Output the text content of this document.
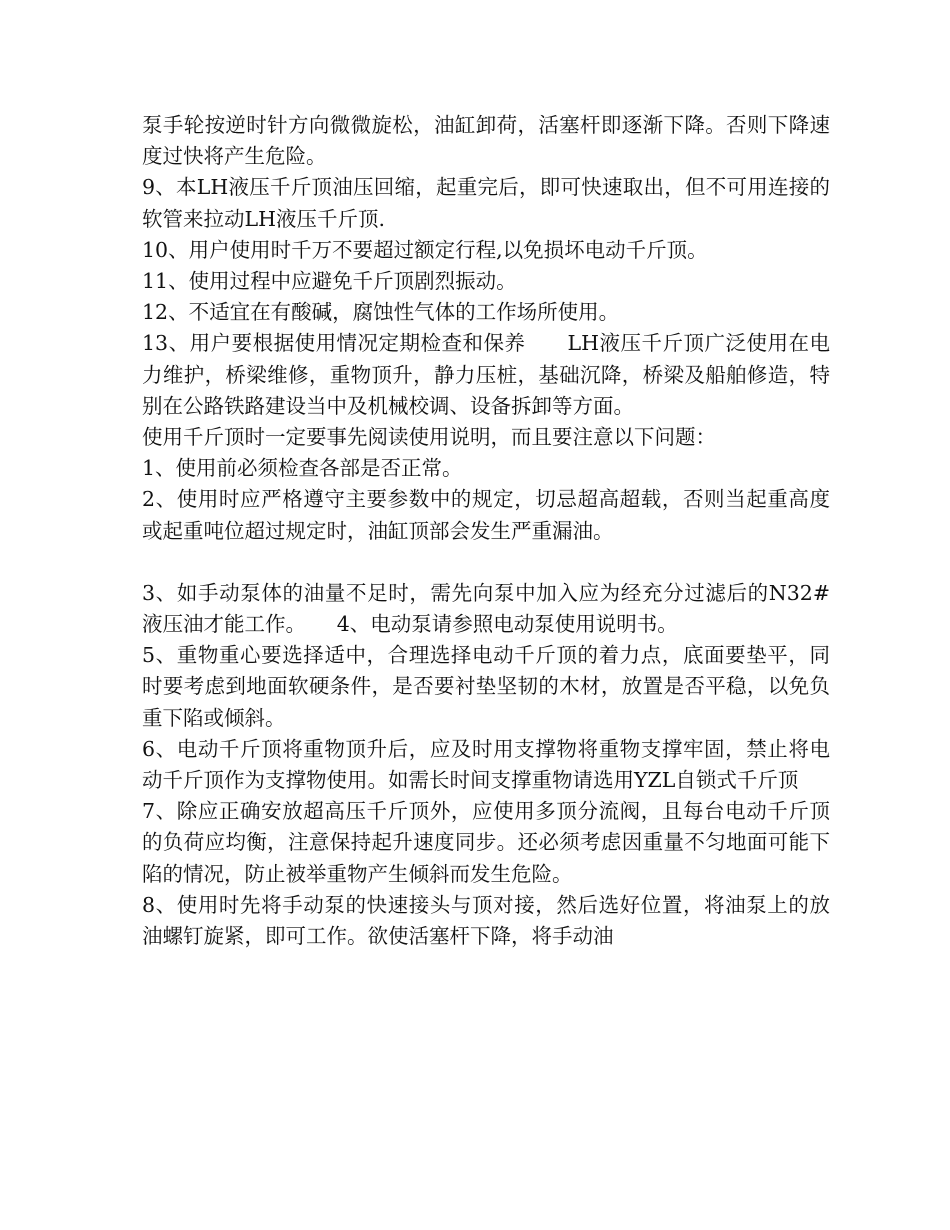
泵手轮按逆时针方向微微旋松，油缸卸荷，活塞杆即逐渐下降。否则下降速度过快将产生危险。

9、本LH液压千斤顶油压回缩，起重完后，即可快速取出，但不可用连接的软管来拉动LH液压千斤顶.

10、用户使用时千万不要超过额定行程,以免损坏电动千斤顶。

11、使用过程中应避免千斤顶剧烈振动。

12、不适宜在有酸碱，腐蚀性气体的工作场所使用。

13、用户要根据使用情况定期检查和保养　　LH液压千斤顶广泛使用在电力维护，桥梁维修，重物顶升，静力压桩，基础沉降，桥梁及船舶修造，特别在公路铁路建设当中及机械校调、设备拆卸等方面。

使用千斤顶时一定要事先阅读使用说明，而且要注意以下问题：

1、使用前必须检查各部是否正常。

2、使用时应严格遵守主要参数中的规定，切忌超高超载，否则当起重高度或起重吨位超过规定时，油缸顶部会发生严重漏油。

3、如手动泵体的油量不足时，需先向泵中加入应为经充分过滤后的N32#液压油才能工作。　　4、电动泵请参照电动泵使用说明书。

5、重物重心要选择适中，合理选择电动千斤顶的着力点，底面要垫平，同时要考虑到地面软硬条件，是否要衬垫坚韧的木材，放置是否平稳，以免负重下陷或倾斜。

6、电动千斤顶将重物顶升后，应及时用支撑物将重物支撑牢固，禁止将电动千斤顶作为支撑物使用。如需长时间支撑重物请选用YZL自锁式千斤顶

7、除应正确安放超高压千斤顶外，应使用多顶分流阀，且每台电动千斤顶的负荷应均衡，注意保持起升速度同步。还必须考虑因重量不匀地面可能下陷的情况，防止被举重物产生倾斜而发生危险。

8、使用时先将手动泵的快速接头与顶对接，然后选好位置，将油泵上的放油螺钉旋紧，即可工作。欲使活塞杆下降，将手动油
